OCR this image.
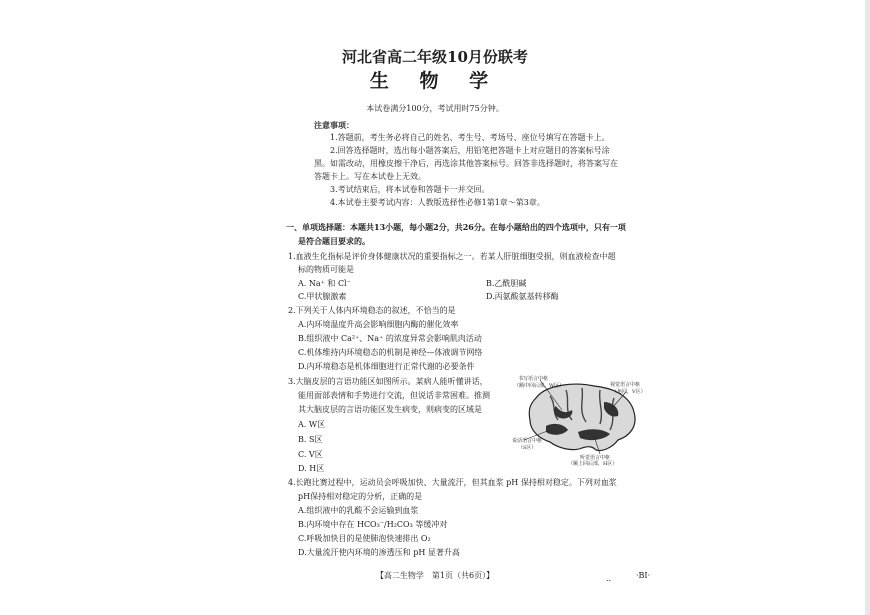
河北省高二年级10月份联考
生 物 学
本试卷满分100分，考试用时75分钟。
注意事项：
1.答题前，考生务必将自己的姓名、考生号、考场号、座位号填写在答题卡上。
2.回答选择题时，选出每小题答案后，用铅笔把答题卡上对应题目的答案标号涂
黑。如需改动，用橡皮擦干净后，再选涂其他答案标号。回答非选择题时，将答案写在
答题卡上。写在本试卷上无效。
3.考试结束后，将本试卷和答题卡一并交回。
4.本试卷主要考试内容：人教版选择性必修1第1章～第3章。
一、单项选择题：本题共13小题，每小题2分，共26分。在每小题给出的四个选项中，只有一项
是符合题目要求的。
1.血液生化指标是评价身体健康状况的重要指标之一。若某人肝脏细胞受损，则血液检查中超
标的物质可能是
A. Na⁺ 和 Cl⁻	B.乙酰胆碱
C.甲状腺激素	D.丙氨酸氨基转移酶
2.下列关于人体内环境稳态的叙述，不恰当的是
A.内环境温度升高会影响细胞内酶的催化效率
B.组织液中 Ca²⁺、Na⁺ 的浓度异常会影响肌肉活动
C.机体维持内环境稳态的机制是神经—体液调节网络
D.内环境稳态是机体细胞进行正常代谢的必要条件
3.大脑皮层的言语功能区如图所示。某病人能听懂讲话，
能用面部表情和手势进行交流，但说话非常困难。推测
其大脑皮层的言语功能区发生病变，则病变的区域是
A. W区
B. S区
C. V区
D. H区
书写语言中枢
（额中回后部，W区）	视觉语言中枢
（角回，V区）
说话语言中枢
（S区）
听觉语言中枢
（颞上回后部，H区）
4.长跑比赛过程中，运动员会呼吸加快、大量流汗，但其血浆 pH 保持相对稳定。下列对血浆
pH保持相对稳定的分析，正确的是
A.组织液中的乳酸不会运输到血浆
B.内环境中存在 HCO₃⁻/H₂CO₃ 等缓冲对
C.呼吸加快目的是使肺泡快速排出 O₂
D.大量流汗使内环境的渗透压和 pH 显著升高
【高二生物学　第1页（共6页）】	..	·BI·
